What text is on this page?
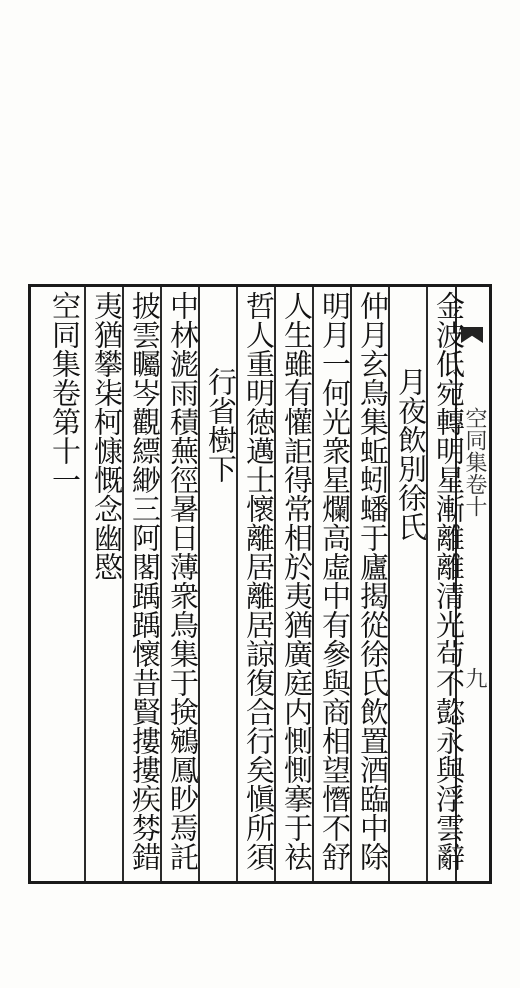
空同集卷十
九
金波低宛轉明星漸離離清光茍不㦤永與浮雲辭
月夜飲別徐氏
仲月玄鳥集蚯蚓蟠于廬揭從徐氏飲置酒臨中除
明月一何光衆星爛高虛中有參與商相望憯不舒
人生雖有懽詎得常相於夷猶廣庭内惻惻搴于袪
哲人重明徳邁士懷離居離居諒復合行矣愼所須
行省樹下
中林滮雨積蕪徑暑日薄衆鳥集于𢮦鵷鳳眇焉託
披雲矚岑觀縹緲三阿閣踽踽懷昔賢摟摟疾棼錯
夷猶攀㭍柯慷慨念幽愍
空同集卷第十一
